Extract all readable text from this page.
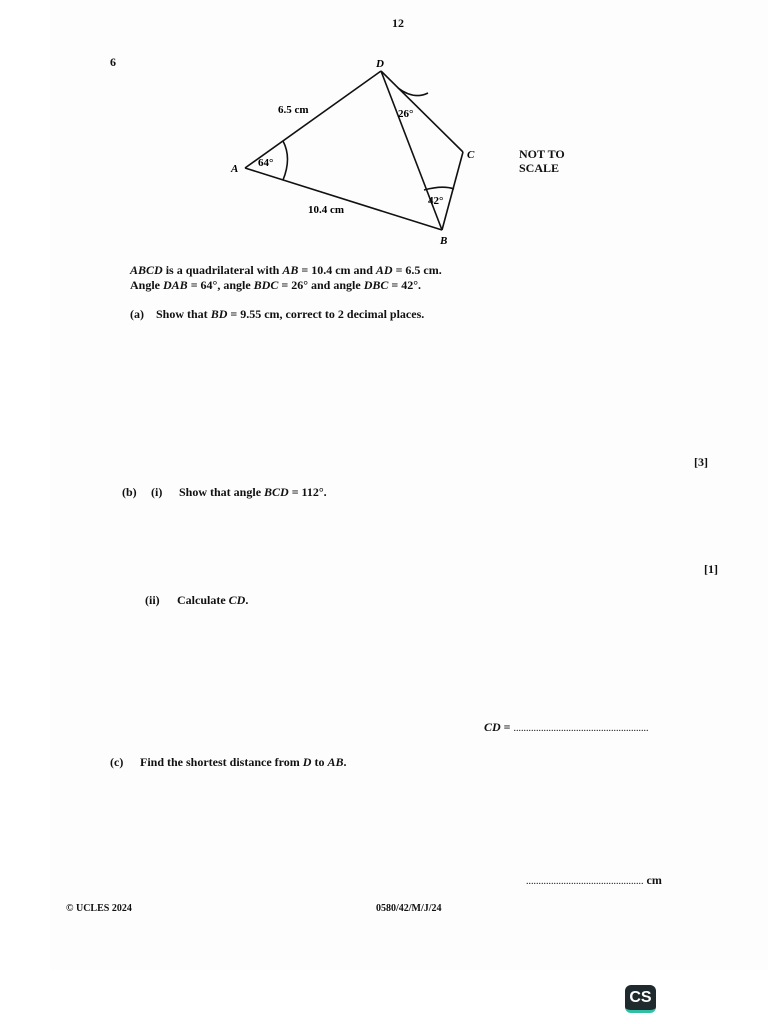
12
6
A
B
C
D
6.5 cm
10.4 cm
64°
26°
42°
NOT TO
SCALE
ABCD is a quadrilateral with AB = 10.4 cm and AD = 6.5 cm.
Angle DAB = 64°, angle BDC = 26° and angle DBC = 42°.
(a) Show that BD = 9.55 cm, correct to 2 decimal places.
[3]
(b) (i) Show that angle BCD = 112°.
[1]
(ii) Calculate CD.
CD = ......................................................
(c) Find the shortest distance from D to AB.
............................................... cm
© UCLES 2024	0580/42/M/J/24
CS
